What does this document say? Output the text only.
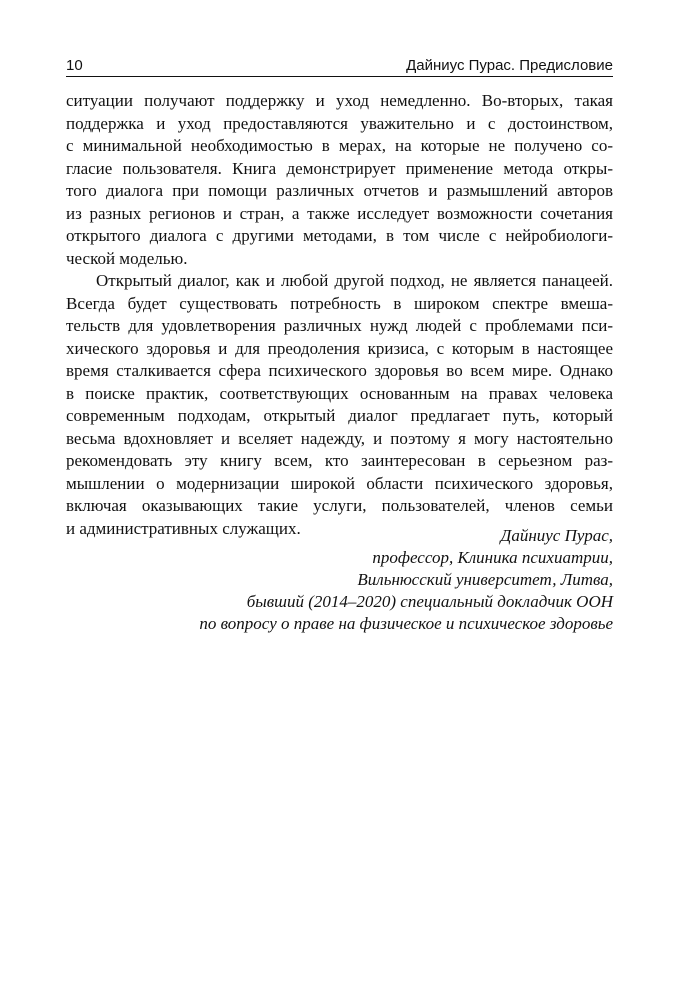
10	Дайниус Пурас. Предисловие

ситуации получают поддержку и уход немедленно. Во-вторых, такая
поддержка и уход предоставляются уважительно и с достоинством,
с минимальной необходимостью в мерах, на которые не получено со-
гласие пользователя. Книга демонстрирует применение метода откры-
того диалога при помощи различных отчетов и размышлений авторов
из разных регионов и стран, а также исследует возможности сочетания
открытого диалога с другими методами, в том числе с нейробиологи-
ческой моделью.

Открытый диалог, как и любой другой подход, не является панацеей.
Всегда будет существовать потребность в широком спектре вмеша-
тельств для удовлетворения различных нужд людей с проблемами пси-
хического здоровья и для преодоления кризиса, с которым в настоящее
время сталкивается сфера психического здоровья во всем мире. Однако
в поиске практик, соответствующих основанным на правах человека
современным подходам, открытый диалог предлагает путь, который
весьма вдохновляет и вселяет надежду, и поэтому я могу настоятельно
рекомендовать эту книгу всем, кто заинтересован в серьезном раз-
мышлении о модернизации широкой области психического здоровья,
включая оказывающих такие услуги, пользователей, членов семьи
и административных служащих.	Дайниус Пурас,
профессор, Клиника психиатрии,
Вильнюсский университет, Литва,
бывший (2014–2020) специальный докладчик ООН
по вопросу о праве на физическое и психическое здоровье
